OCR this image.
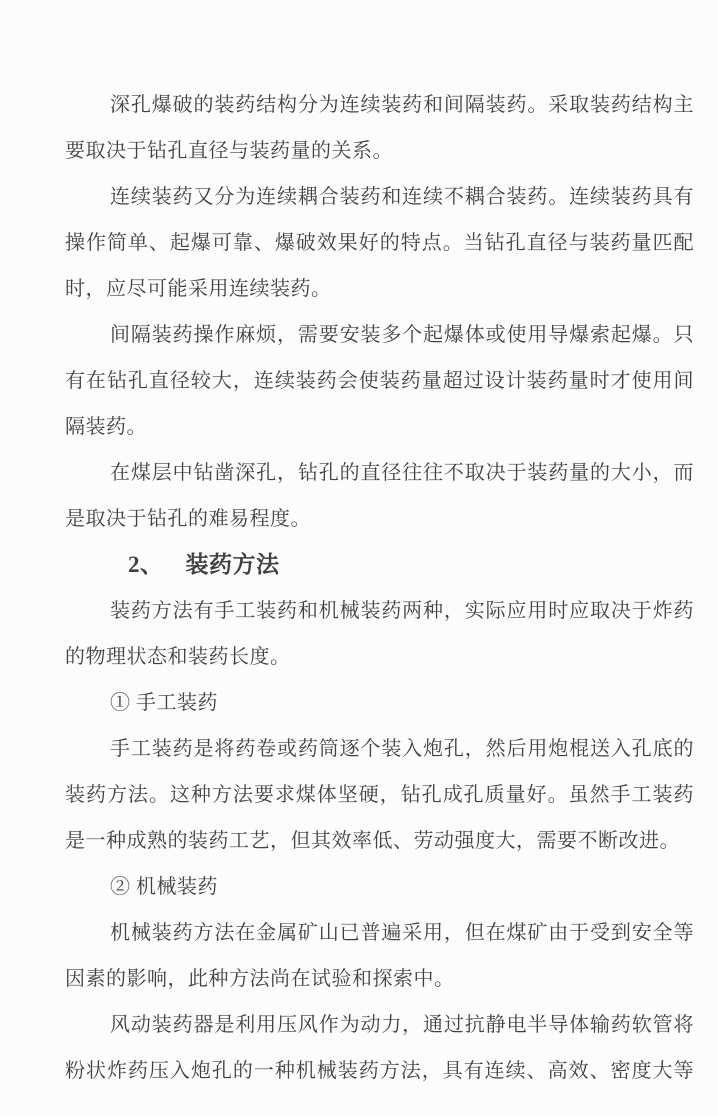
深孔爆破的装药结构分为连续装药和间隔装药。采取装药结构主
要取决于钻孔直径与装药量的关系。
连续装药又分为连续耦合装药和连续不耦合装药。连续装药具有
操作简单、起爆可靠、爆破效果好的特点。当钻孔直径与装药量匹配
时，应尽可能采用连续装药。
间隔装药操作麻烦，需要安装多个起爆体或使用导爆索起爆。只
有在钻孔直径较大，连续装药会使装药量超过设计装药量时才使用间
隔装药。
在煤层中钻凿深孔，钻孔的直径往往不取决于装药量的大小，而
是取决于钻孔的难易程度。
2、 装药方法
装药方法有手工装药和机械装药两种，实际应用时应取决于炸药
的物理状态和装药长度。
① 手工装药
手工装药是将药卷或药筒逐个装入炮孔，然后用炮棍送入孔底的
装药方法。这种方法要求煤体坚硬，钻孔成孔质量好。虽然手工装药
是一种成熟的装药工艺，但其效率低、劳动强度大，需要不断改进。
② 机械装药
机械装药方法在金属矿山已普遍采用，但在煤矿由于受到安全等
因素的影响，此种方法尚在试验和探索中。
风动装药器是利用压风作为动力，通过抗静电半导体输药软管将
粉状炸药压入炮孔的一种机械装药方法，具有连续、高效、密度大等
